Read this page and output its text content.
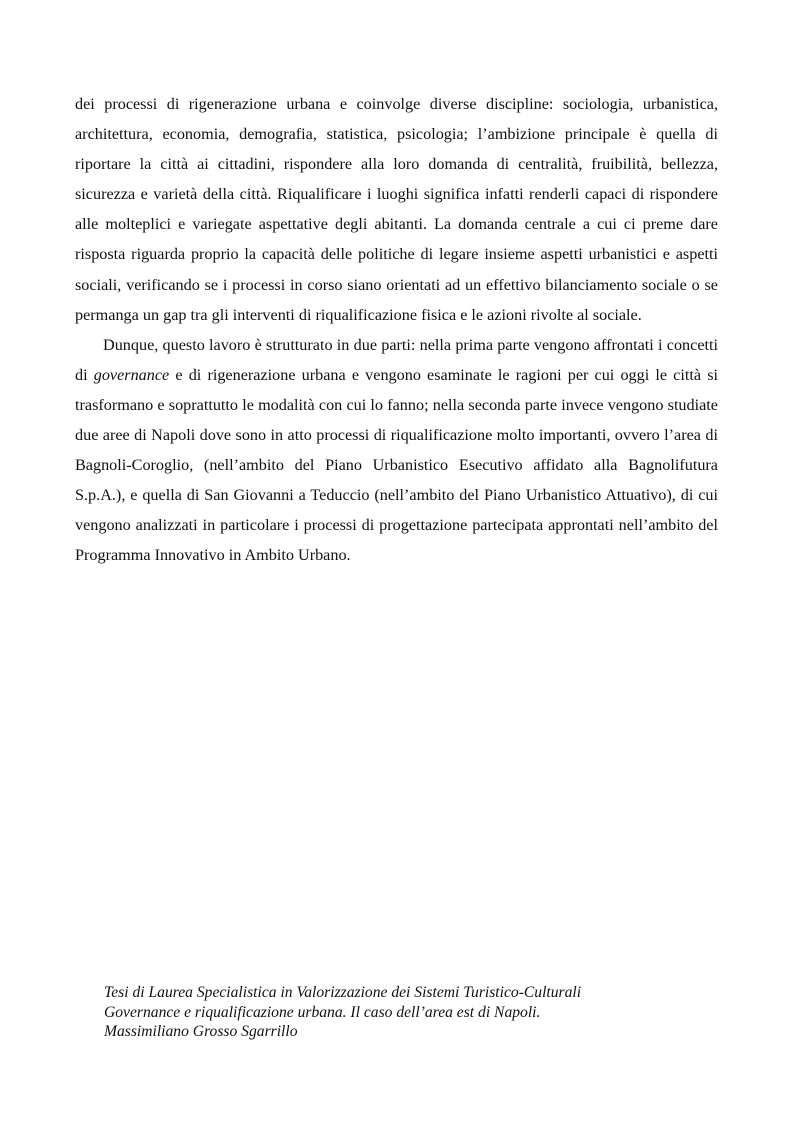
dei processi di rigenerazione urbana e coinvolge diverse discipline: sociologia, urbanistica, architettura, economia, demografia, statistica, psicologia; l’ambizione principale è quella di riportare la città ai cittadini, rispondere alla loro domanda di centralità, fruibilità, bellezza, sicurezza e varietà della città. Riqualificare i luoghi significa infatti renderli capaci di rispondere alle molteplici e variegate aspettative degli abitanti. La domanda centrale a cui ci preme dare risposta riguarda proprio la capacità delle politiche di legare insieme aspetti urbanistici e aspetti sociali, verificando se i processi in corso siano orientati ad un effettivo bilanciamento sociale o se permanga un gap tra gli interventi di riqualificazione fisica e le azioni rivolte al sociale.

Dunque, questo lavoro è strutturato in due parti: nella prima parte vengono affrontati i concetti di governance e di rigenerazione urbana e vengono esaminate le ragioni per cui oggi le città si trasformano e soprattutto le modalità con cui lo fanno; nella seconda parte invece vengono studiate due aree di Napoli dove sono in atto processi di riqualificazione molto importanti, ovvero l’area di Bagnoli-Coroglio, (nell’ambito del Piano Urbanistico Esecutivo affidato alla Bagnolifutura S.p.A.), e quella di San Giovanni a Teduccio (nell’ambito del Piano Urbanistico Attuativo), di cui vengono analizzati in particolare i processi di progettazione partecipata approntati nell’ambito del Programma Innovativo in Ambito Urbano.

Tesi di Laurea Specialistica in Valorizzazione dei Sistemi Turistico-Culturali
Governance e riqualificazione urbana. Il caso dell’area est di Napoli.
Massimiliano Grosso Sgarrillo
